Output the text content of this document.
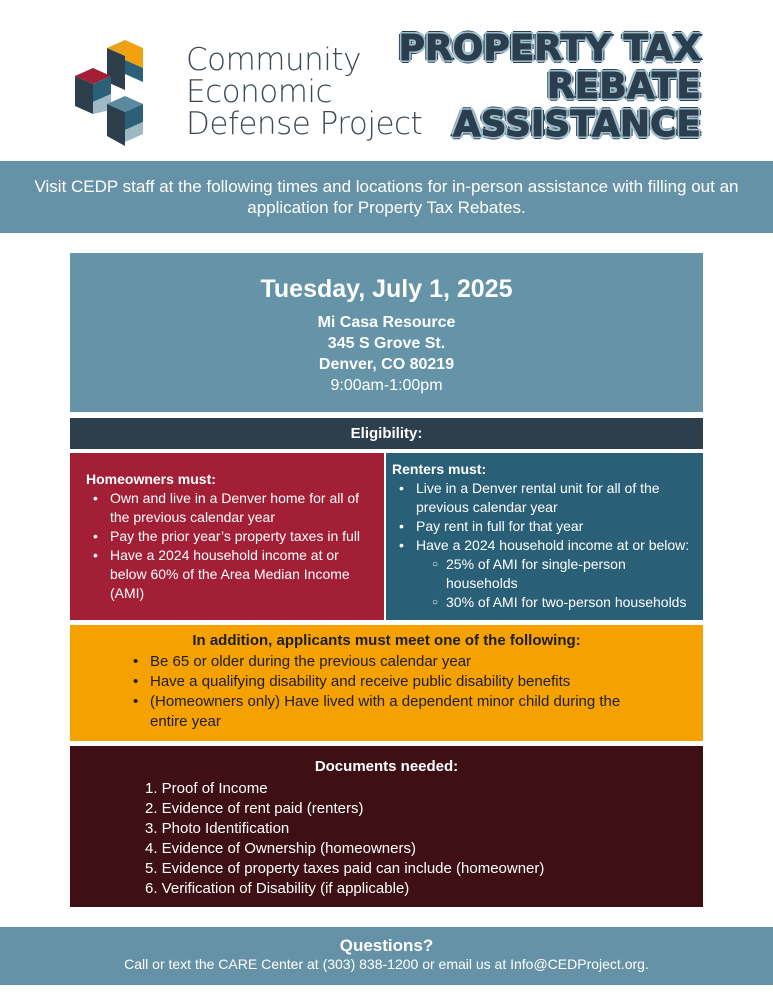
Community
Economic
Defense Project
PROPERTY TAX
REBATE
ASSISTANCE
Visit CEDP staff at the following times and locations for in-person assistance with filling out an application for Property Tax Rebates.
Tuesday, July 1, 2025
Mi Casa Resource
345 S Grove St.
Denver, CO 80219
9:00am-1:00pm
Eligibility:
Homeowners must:
• Own and live in a Denver home for all of the previous calendar year
• Pay the prior year’s property taxes in full
• Have a 2024 household income at or below 60% of the Area Median Income (AMI)
Renters must:
• Live in a Denver rental unit for all of the previous calendar year
• Pay rent in full for that year
• Have a 2024 household income at or below:
○ 25% of AMI for single-person households
○ 30% of AMI for two-person households
In addition, applicants must meet one of the following:
• Be 65 or older during the previous calendar year
• Have a qualifying disability and receive public disability benefits
• (Homeowners only) Have lived with a dependent minor child during the entire year
Documents needed:
1. Proof of Income
2. Evidence of rent paid (renters)
3. Photo Identification
4. Evidence of Ownership (homeowners)
5. Evidence of property taxes paid can include (homeowner)
6. Verification of Disability (if applicable)
Questions?
Call or text the CARE Center at (303) 838-1200 or email us at Info@CEDProject.org.
